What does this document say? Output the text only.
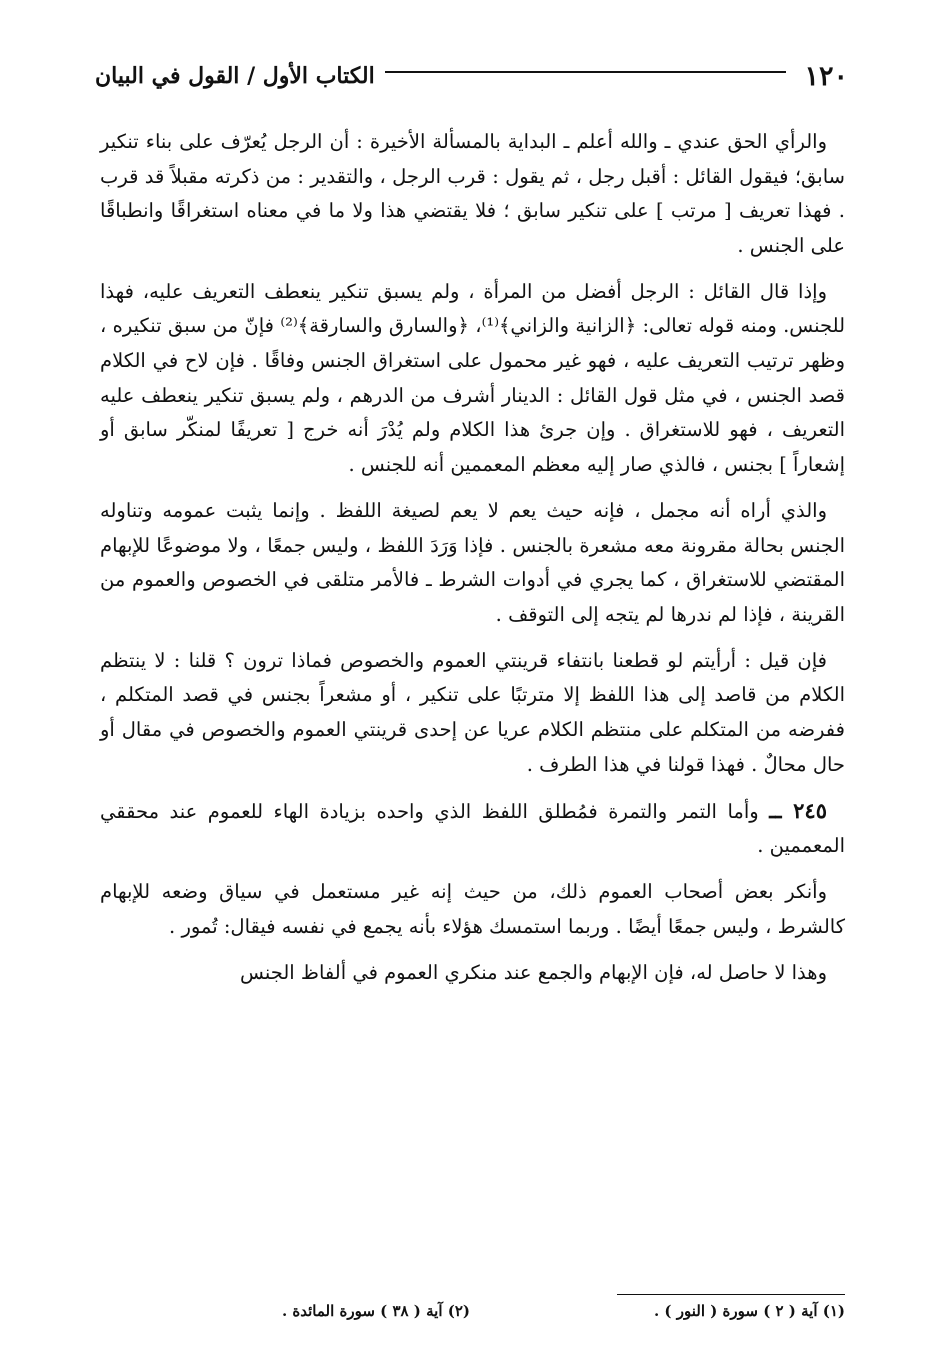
١٢٠
الكتاب الأول / القول في البيان

والرأي الحق عندي ـ والله أعلم ـ البداية بالمسألة الأخيرة : أن الرجل يُعرّف على بناء تنكير سابق؛ فيقول القائل : أقبل رجل ، ثم يقول : قرب الرجل ، والتقدير : من ذكرته مقبلاً قد قرب . فهذا تعريف [ مرتب ] على تنكير سابق ؛ فلا يقتضي هذا ولا ما في معناه استغراقًا وانطباقًا على الجنس .

وإذا قال القائل : الرجل أفضل من المرأة ، ولم يسبق تنكير ينعطف التعريف عليه، فهذا للجنس. ومنه قوله تعالى: ﴿الزانية والزاني﴾⁽¹⁾، ﴿والسارق والسارقة﴾⁽²⁾ فإنّ من سبق تنكيره ، وظهر ترتيب التعريف عليه ، فهو غير محمول على استغراق الجنس وفاقًا . فإن لاح في الكلام قصد الجنس ، في مثل قول القائل : الدينار أشرف من الدرهم ، ولم يسبق تنكير ينعطف عليه التعريف ، فهو للاستغراق . وإن جرئ هذا الكلام ولم يُدْرَ أنه خرج [ تعريفًا لمنكّر سابق أو إشعاراً ] بجنس ، فالذي صار إليه معظم المعممين أنه للجنس .

والذي أراه أنه مجمل ، فإنه حيث يعم لا يعم لصيغة اللفظ . وإنما يثبت عمومه وتناوله الجنس بحالة مقرونة معه مشعرة بالجنس . فإذا وَرَدَ اللفظ ، وليس جمعًا ، ولا موضوعًا للإبهام المقتضي للاستغراق ، كما يجري في أدوات الشرط ـ فالأمر متلقى في الخصوص والعموم من القرينة ، فإذا لم ندرها لم يتجه إلى التوقف .

فإن قيل : أرأيتم لو قطعنا بانتفاء قرينتي العموم والخصوص فماذا ترون ؟ قلنا : لا ينتظم الكلام من قاصد إلى هذا اللفظ إلا مترتبًا على تنكير ، أو مشعراً بجنس في قصد المتكلم ، ففرضه من المتكلم على منتظم الكلام عريا عن إحدى قرينتي العموم والخصوص في مقال أو حال محالٌ . فهذا قولنا في هذا الطرف .

٢٤٥ ــ وأما التمر والتمرة فمُطلق اللفظ الذي واحده بزيادة الهاء للعموم عند محققي المعممين .

وأنكر بعض أصحاب العموم ذلك، من حيث إنه غير مستعمل في سياق وضعه للإبهام كالشرط ، وليس جمعًا أيضًا . وربما استمسك هؤلاء بأنه يجمع في نفسه فيقال: تُمور .

وهذا لا حاصل له، فإن الإبهام والجمع عند منكري العموم في ألفاظ الجنس

(١) آية ( ٢ ) سورة ( النور ) .
(٢) آية ( ٣٨ ) سورة المائدة .
